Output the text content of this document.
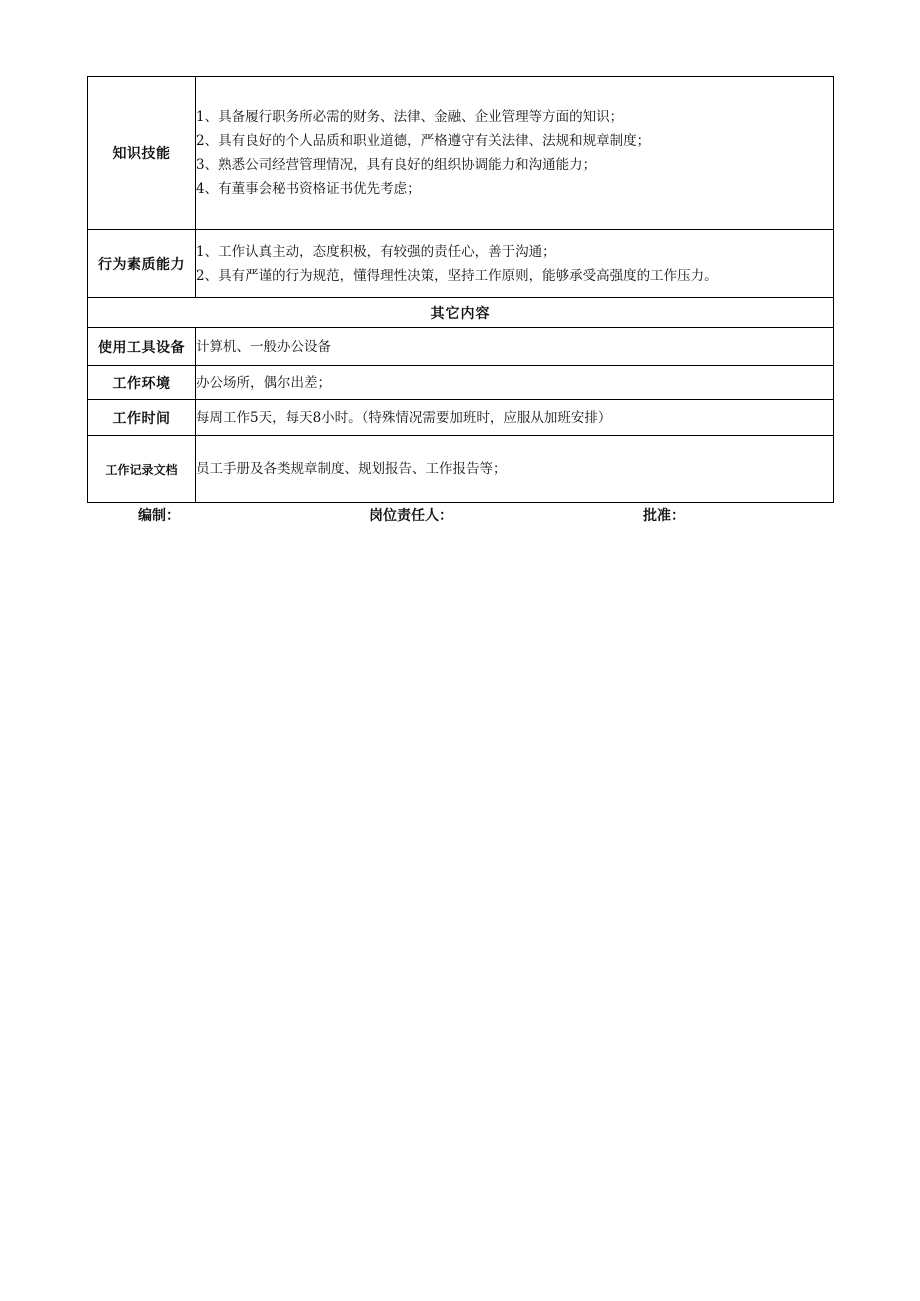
知识技能	1、具备履行职务所必需的财务、法律、金融、企业管理等方面的知识；
2、具有良好的个人品质和职业道德，严格遵守有关法律、法规和规章制度；
3、熟悉公司经营管理情况，具有良好的组织协调能力和沟通能力；
4、有董事会秘书资格证书优先考虑；

行为素质能力	1、工作认真主动，态度积极，有较强的责任心，善于沟通；
2、具有严谨的行为规范，懂得理性决策，坚持工作原则，能够承受高强度的工作压力。

其它内容	
使用工具设备	计算机、一般办公设备
工作环境	办公场所，偶尔出差；
工作时间	每周工作5天，每天8小时。（特殊情况需要加班时，应服从加班安排）
工作记录文档	员工手册及各类规章制度、规划报告、工作报告等；
编制：	岗位责任人：	批准：
